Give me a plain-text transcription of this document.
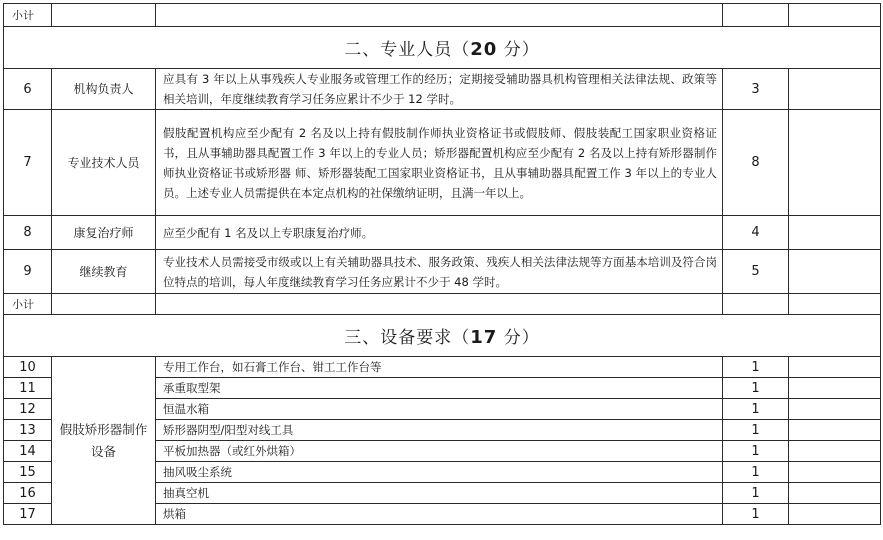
小计				
二、专业人员（20 分）				
6	机构负责人	应具有 3 年以上从事残疾人专业服务或管理工作的经历；定期接受辅助器具机构管理相关法律法规、政策等相关培训，年度继续教育学习任务应累计不少于 12 学时。	3	
7	专业技术人员	假肢配置机构应至少配有 2 名及以上持有假肢制作师执业资格证书或假肢师、假肢装配工国家职业资格证书，且从事辅助器具配置工作 3 年以上的专业人员；矫形器配置机构应至少配有 2 名及以上持有矫形器制作师执业资格证书或矫形器 师、矫形器装配工国家职业资格证书，且从事辅助器具配置工作 3 年以上的专业人员。上述专业人员需提供在本定点机构的社保缴纳证明，且满一年以上。	8	
8	康复治疗师	应至少配有 1 名及以上专职康复治疗师。	4	
9	继续教育	专业技术人员需接受市级或以上有关辅助器具技术、服务政策、残疾人相关法律法规等方面基本培训及符合岗位特点的培训，每人年度继续教育学习任务应累计不少于 48 学时。	5	
小计				
三、设备要求（17 分）				
10	假肢矫形器制作设备	专用工作台，如石膏工作台、钳工工作台等	1	
11		承重取型架	1	
12		恒温水箱	1	
13		矫形器阴型/阳型对线工具	1	
14		平板加热器（或红外烘箱）	1	
15		抽风吸尘系统	1	
16		抽真空机	1	
17		烘箱	1	
